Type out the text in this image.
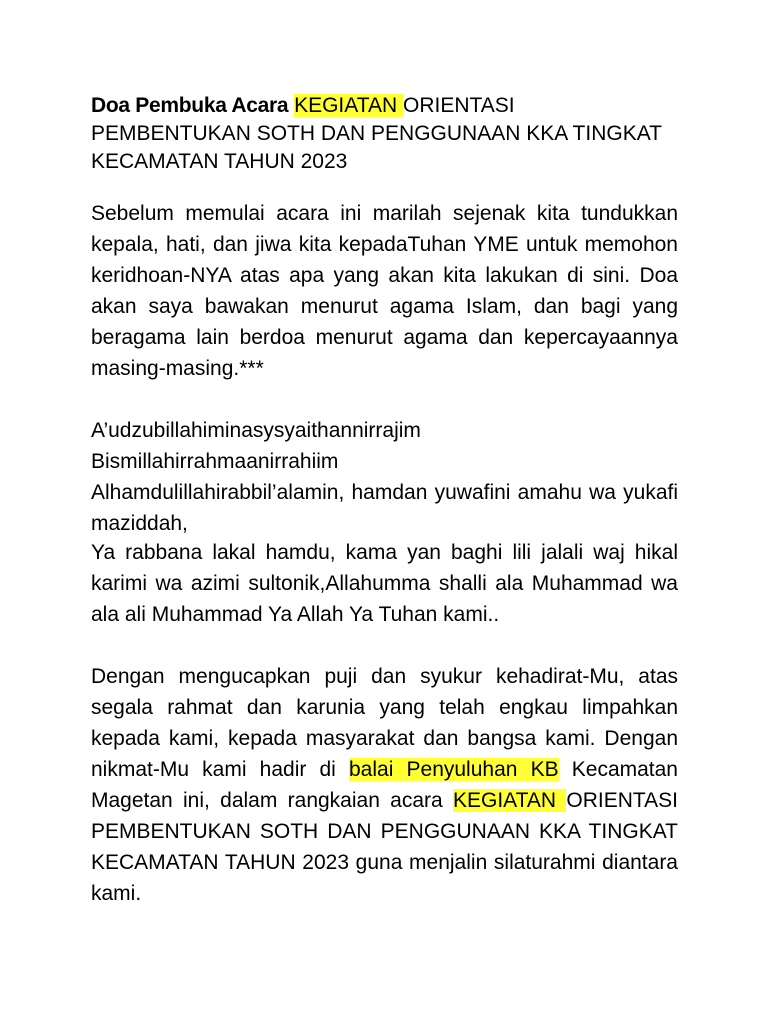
Doa Pembuka Acara KEGIATAN ORIENTASI PEMBENTUKAN SOTH DAN PENGGUNAAN KKA TINGKAT KECAMATAN TAHUN 2023

Sebelum memulai acara ini marilah sejenak kita tundukkan kepala, hati, dan jiwa kita kepadaTuhan YME untuk memohon keridhoan-NYA atas apa yang akan kita lakukan di sini. Doa akan saya bawakan menurut agama Islam, dan bagi yang beragama lain berdoa menurut agama dan kepercayaannya masing-masing.***

A’udzubillahiminasysyaithannirrajim
Bismillahirrahmaanirrahiim

Alhamdulillahirabbil’alamin, hamdan yuwafini amahu wa yukafi maziddah,

Ya rabbana lakal hamdu, kama yan baghi lili jalali waj hikal karimi wa azimi sultonik,Allahumma shalli ala Muhammad wa ala ali Muhammad Ya Allah Ya Tuhan kami..

Dengan mengucapkan puji dan syukur kehadirat-Mu, atas segala rahmat dan karunia yang telah engkau limpahkan kepada kami, kepada masyarakat dan bangsa kami. Dengan nikmat-Mu kami hadir di balai Penyuluhan KB Kecamatan Magetan ini, dalam rangkaian acara KEGIATAN ORIENTASI PEMBENTUKAN SOTH DAN PENGGUNAAN KKA TINGKAT KECAMATAN TAHUN 2023 guna menjalin silaturahmi diantara kami.
